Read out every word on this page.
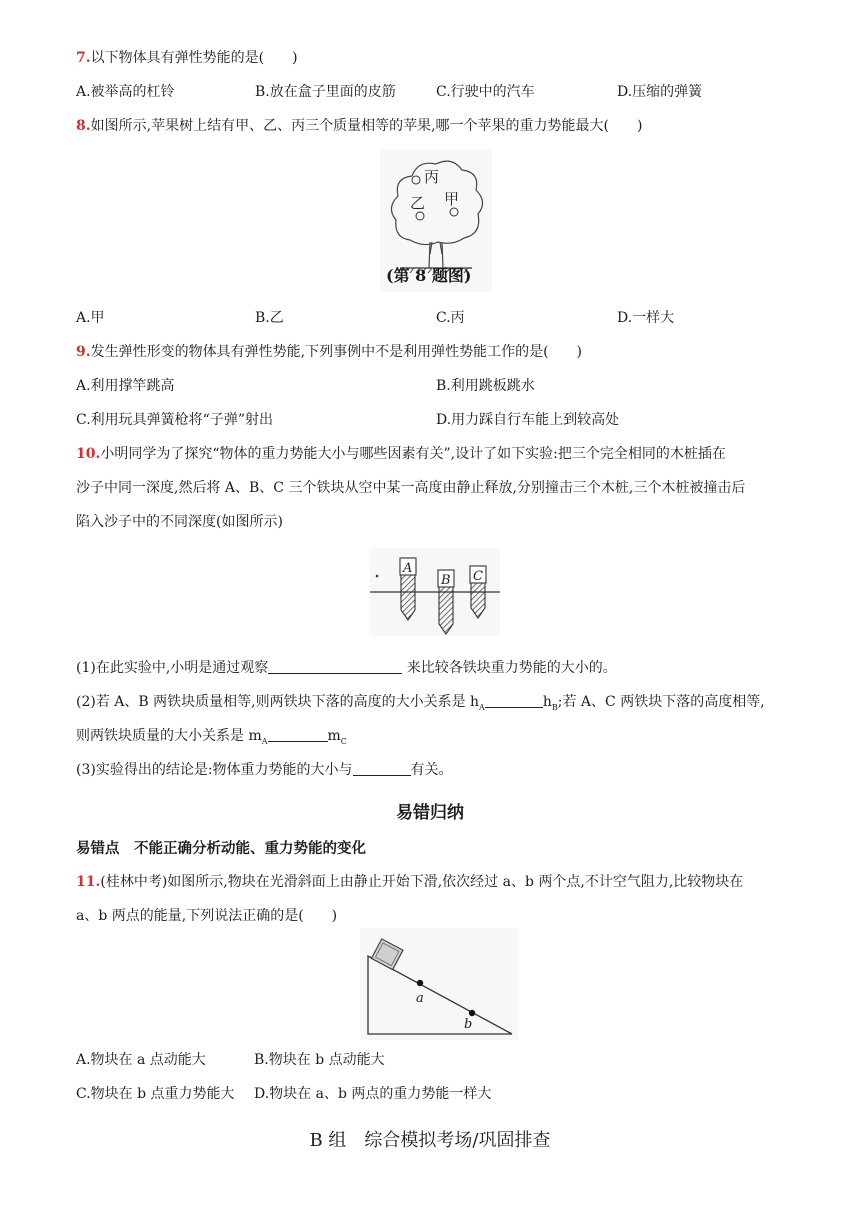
7.以下物体具有弹性势能的是(　　)
A.被举高的杠铃	B.放在盒子里面的皮筋	C.行驶中的汽车	D.压缩的弹簧
8.如图所示,苹果树上结有甲、乙、丙三个质量相等的苹果,哪一个苹果的重力势能最大(　　)
丙
乙 甲
(第 8 题图)
A.甲	B.乙	C.丙	D.一样大
9.发生弹性形变的物体具有弹性势能,下列事例中不是利用弹性势能工作的是(　　)
A.利用撑竿跳高	B.利用跳板跳水
C.利用玩具弹簧枪将“子弹”射出	D.用力踩自行车能上到较高处
10.小明同学为了探究“物体的重力势能大小与哪些因素有关”,设计了如下实验:把三个完全相同的木桩插在
沙子中同一深度,然后将 A、B、C 三个铁块从空中某一高度由静止释放,分别撞击三个木桩,三个木桩被撞击后
陷入沙子中的不同深度(如图所示)
A
B C
(1)在此实验中,小明是通过观察	来比较各铁块重力势能的大小的。
(2)若 A、B 两铁块质量相等,则两铁块下落的高度的大小关系是 $h_A$	$h_B$;若 A、C 两铁块下落的高度相等,
则两铁块质量的大小关系是 $m_A$	$m_C$
(3)实验得出的结论是:物体重力势能的大小与	有关。
易错归纳
易错点　不能正确分析动能、重力势能的变化
11.(桂林中考)如图所示,物块在光滑斜面上由静止开始下滑,依次经过 a、b 两个点,不计空气阻力,比较物块在
a、b 两点的能量,下列说法正确的是(　　)
a
b
A.物块在 a 点动能大	B.物块在 b 点动能大
C.物块在 b 点重力势能大 D.物块在 a、b 两点的重力势能一样大
B 组　综合模拟考场/巩固排查
